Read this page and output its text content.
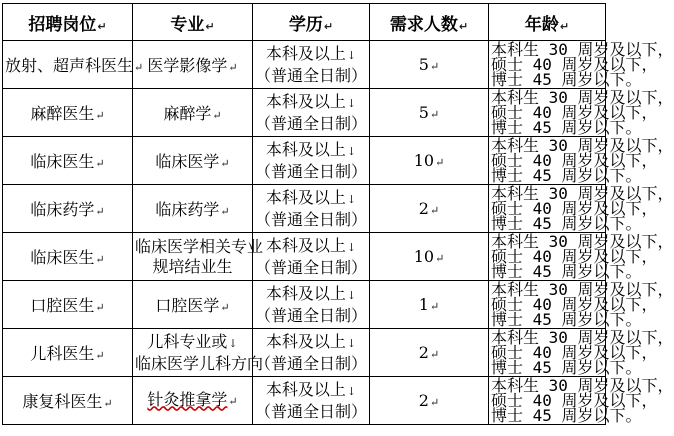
招聘岗位↵	专业↵	学历↵	需求人数↵	年龄↵
放射、超声科医生↵	医学影像学↵	本科及以上↓
（普通全日制）	5↵	本科生 30 周岁及以下，
硕士 40 周岁及以下，
博士 45 周岁以下。

麻醉医生↵	麻醉学↵	本科及以上↓
（普通全日制）	5↵	本科生 30 周岁及以下，
硕士 40 周岁及以下，
博士 45 周岁以下。

临床医生↵	临床医学↵	本科及以上↓
（普通全日制）	10↵	本科生 30 周岁及以下，
硕士 40 周岁及以下，
博士 45 周岁以下。

临床药学↵	临床药学↵	本科及以上↓
（普通全日制）	2↵	本科生 30 周岁及以下，
硕士 40 周岁及以下，
博士 45 周岁以下。

临床医生↵	临床医学相关专业
规培结业生	本科及以上↓
（普通全日制）	10↵	本科生 30 周岁及以下，
硕士 40 周岁及以下，
博士 45 周岁以下。

口腔医生↵	口腔医学↵	本科及以上↓
（普通全日制）	1↵	本科生 30 周岁及以下，
硕士 40 周岁及以下，
博士 45 周岁以下。

儿科医生↵	儿科专业或↓
临床医学儿科方向	本科及以上↓
（普通全日制）	2↵	本科生 30 周岁及以下，
硕士 40 周岁及以下，
博士 45 周岁以下。

康复科医生↵	针灸推拿学↵	本科及以上↓
（普通全日制）	2↵	本科生 30 周岁及以下，
硕士 40 周岁及以下，
博士 45 周岁以下。
